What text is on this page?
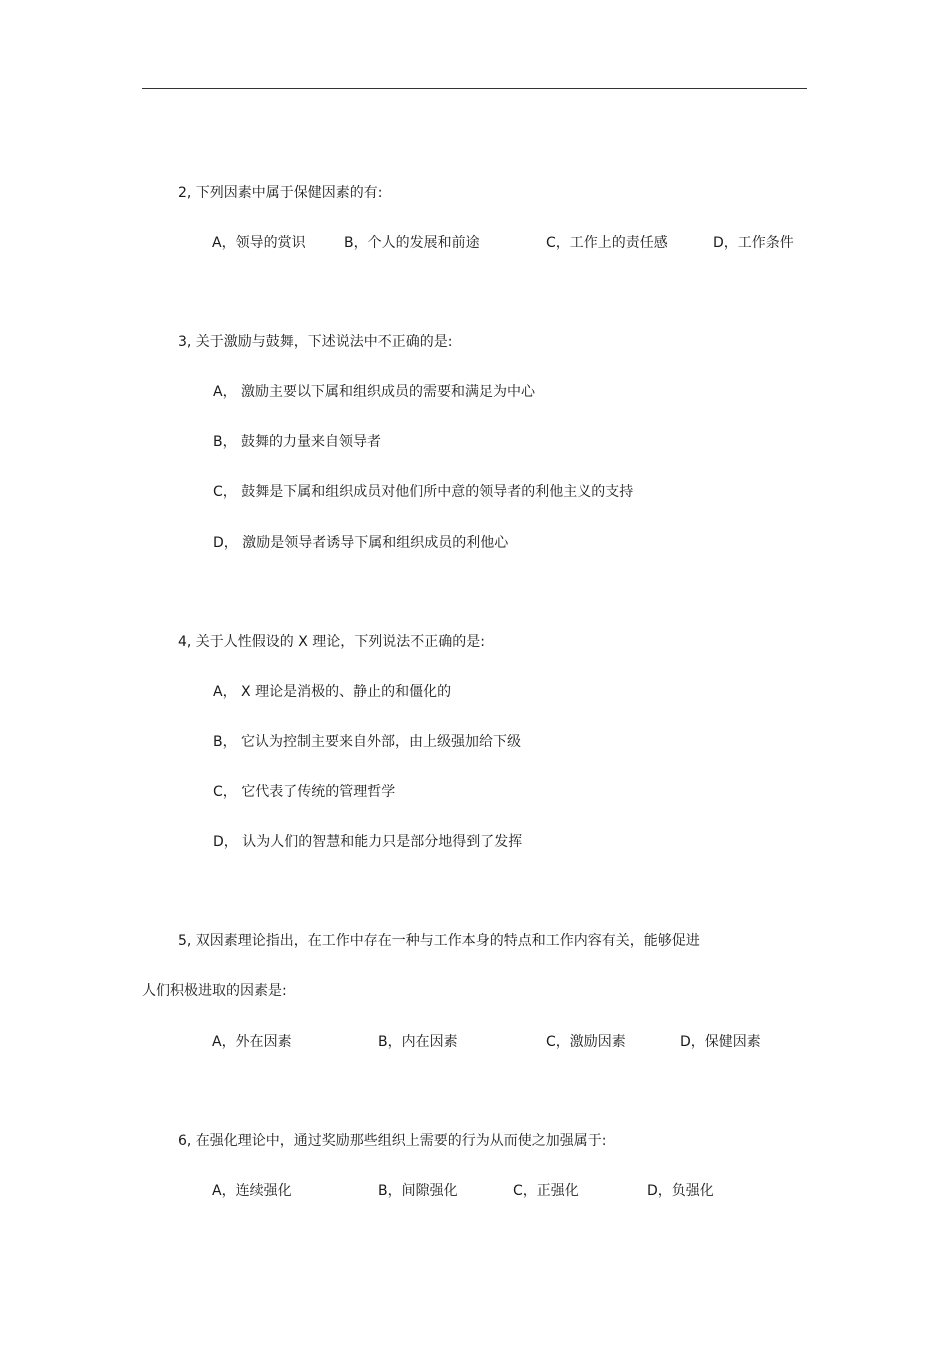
2, 下列因素中属于保健因素的有:
A，领导的赏识	B，个人的发展和前途	C，工作上的责任感	D，工作条件
3, 关于激励与鼓舞，下述说法中不正确的是:
A， 激励主要以下属和组织成员的需要和满足为中心
B， 鼓舞的力量来自领导者
C， 鼓舞是下属和组织成员对他们所中意的领导者的利他主义的支持
D， 激励是领导者诱导下属和组织成员的利他心
4, 关于人性假设的 X 理论，下列说法不正确的是:
A， X 理论是消极的、静止的和僵化的
B， 它认为控制主要来自外部，由上级强加给下级
C， 它代表了传统的管理哲学
D， 认为人们的智慧和能力只是部分地得到了发挥
5, 双因素理论指出，在工作中存在一种与工作本身的特点和工作内容有关，能够促进
人们积极进取的因素是:
A，外在因素	B，内在因素	C，激励因素	D，保健因素
6, 在强化理论中，通过奖励那些组织上需要的行为从而使之加强属于:
A，连续强化	B，间隙强化	C，正强化	D，负强化
